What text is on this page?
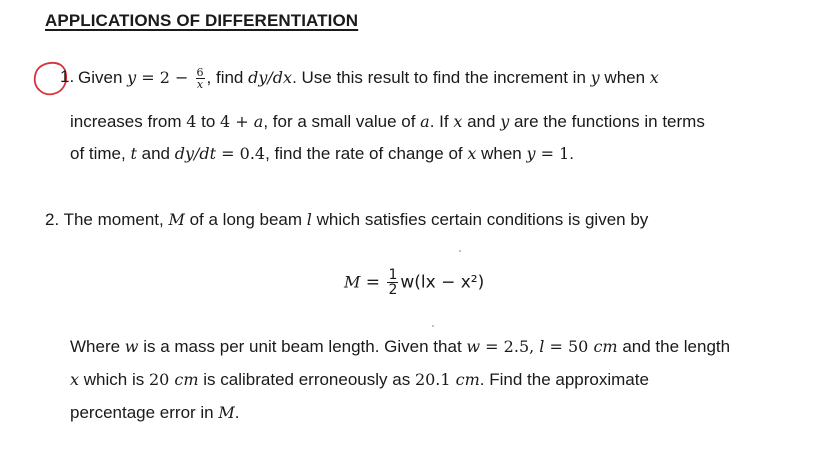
APPLICATIONS OF DIFFERENTIATION
1. Given $y = 2 - \frac{6}{x}$ , find dy/dx. Use this result to find the increment in y when x
increases from 4 to 4 + a, for a small value of a. If x and y are the functions in terms
of time, t and dy/dt = 0.4, find the rate of change of x when y = 1.
2. The moment, M of a long beam l which satisfies certain conditions is given by
$M = \frac{1}{2} w(lx - x^2)$
Where w is a mass per unit beam length. Given that w = 2.5, l = 50 cm and the length
x which is 20 cm is calibrated erroneously as 20.1 cm. Find the approximate
percentage error in M.
